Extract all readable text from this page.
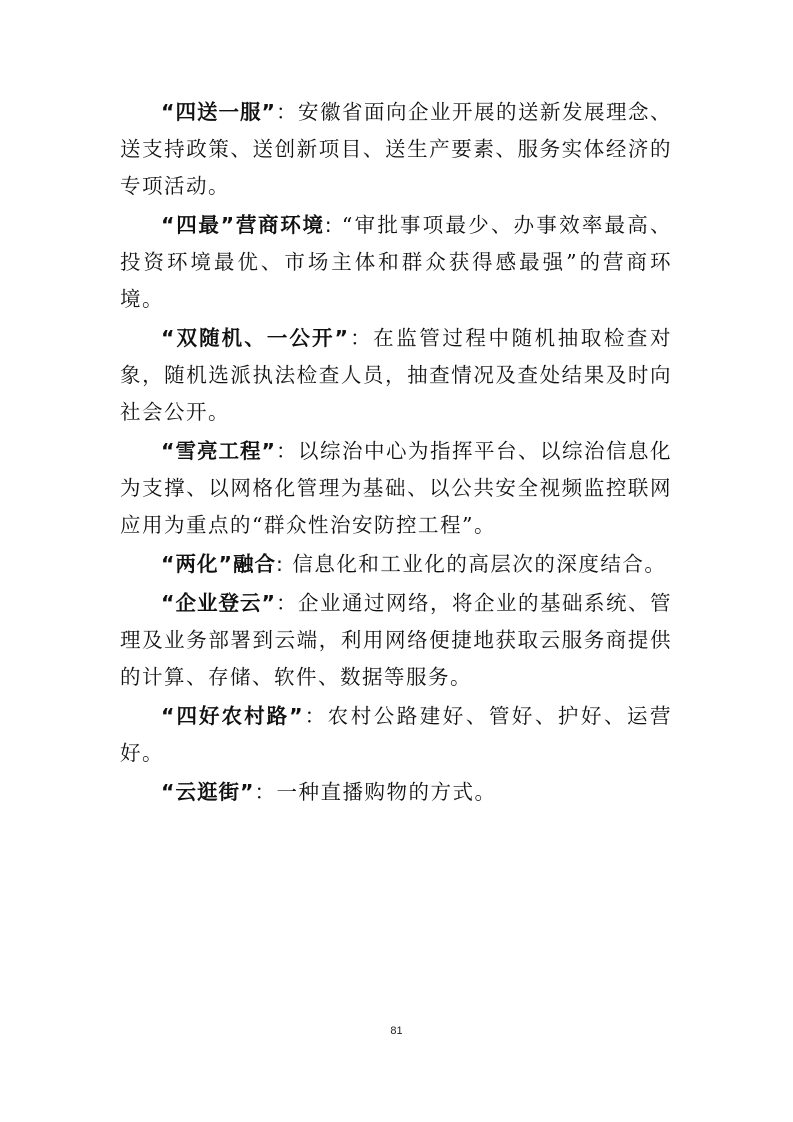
“四送一服”：安徽省面向企业开展的送新发展理念、送支持政策、送创新项目、送生产要素、服务实体经济的专项活动。

“四最”营商环境: “审批事项最少、办事效率最高、投资环境最优、市场主体和群众获得感最强”的营商环境。

“双随机、一公开”：在监管过程中随机抽取检查对象，随机选派执法检查人员，抽查情况及查处结果及时向社会公开。

“雪亮工程”：以综治中心为指挥平台、以综治信息化为支撑、以网格化管理为基础、以公共安全视频监控联网应用为重点的“群众性治安防控工程”。

“两化”融合: 信息化和工业化的高层次的深度结合。

“企业登云”：企业通过网络，将企业的基础系统、管理及业务部署到云端，利用网络便捷地获取云服务商提供的计算、存储、软件、数据等服务。

“四好农村路”：农村公路建好、管好、护好、运营好。

“云逛街”：一种直播购物的方式。

81
